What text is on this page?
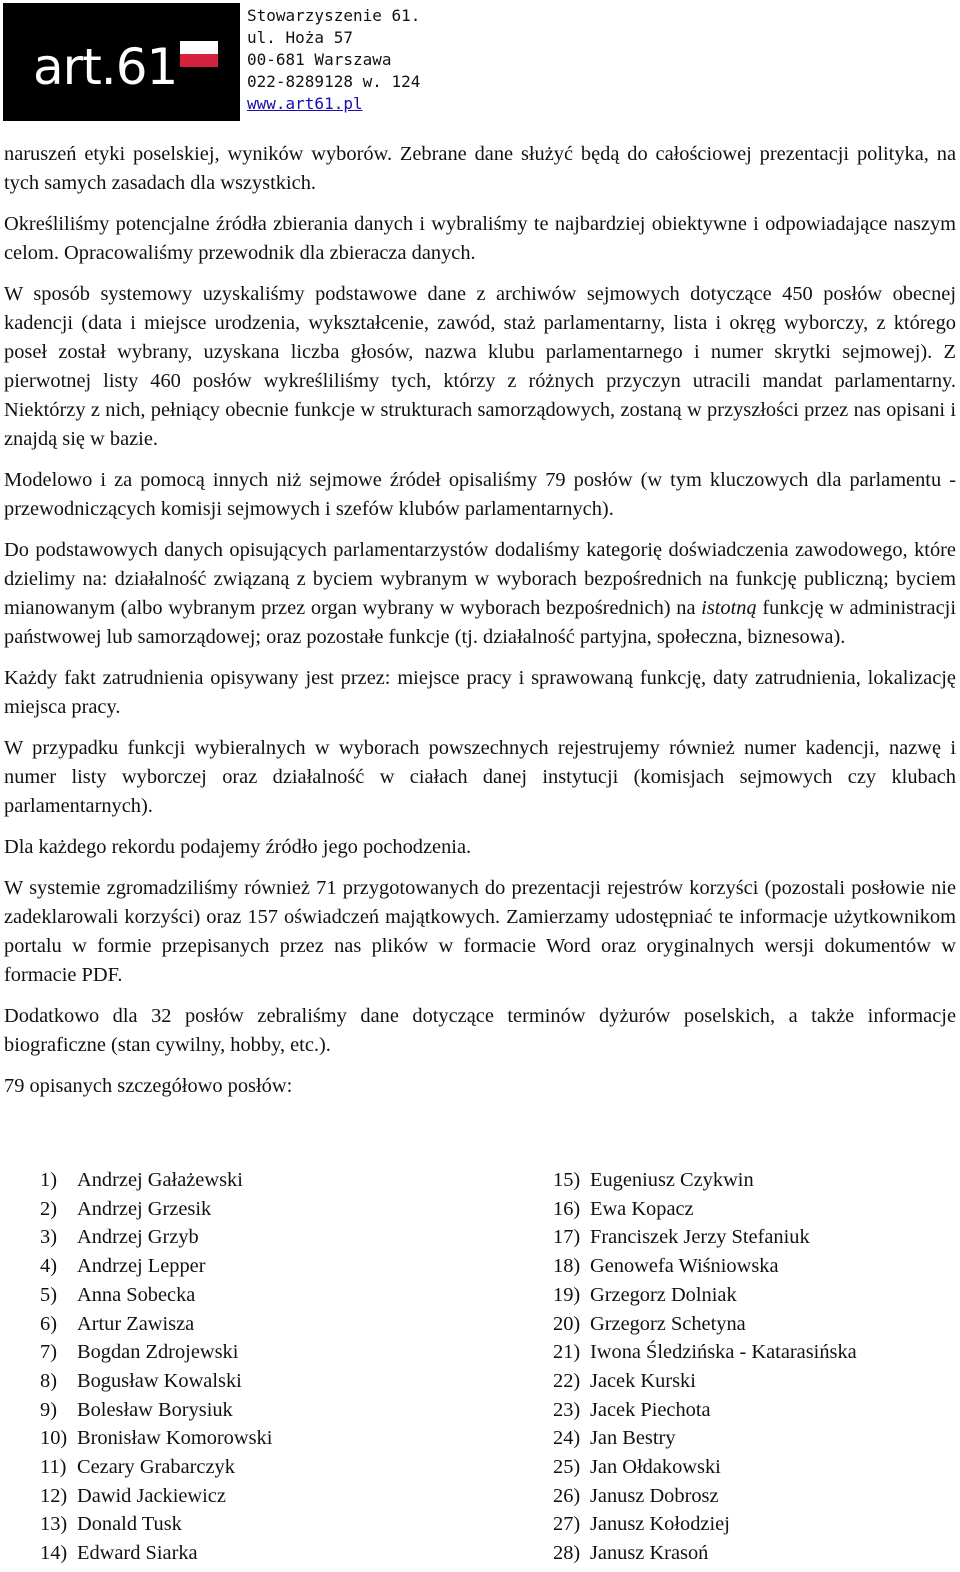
art.61
Stowarzyszenie 61.
ul. Hoża 57
00-681 Warszawa
022-8289128 w. 124
www.art61.pl

naruszeń etyki poselskiej, wyników wyborów. Zebrane dane służyć będą do całościowej prezentacji polityka, na tych samych zasadach dla wszystkich.

Określiliśmy potencjalne źródła zbierania danych i wybraliśmy te najbardziej obiektywne i odpowiadające naszym celom. Opracowaliśmy przewodnik dla zbieracza danych.

W sposób systemowy uzyskaliśmy podstawowe dane z archiwów sejmowych dotyczące 450 posłów obecnej kadencji (data i miejsce urodzenia, wykształcenie, zawód, staż parlamentarny, lista i okręg wyborczy, z którego poseł został wybrany, uzyskana liczba głosów, nazwa klubu parlamentarnego i numer skrytki sejmowej). Z pierwotnej listy 460 posłów wykreśliliśmy tych, którzy z różnych przyczyn utracili mandat parlamentarny. Niektórzy z nich, pełniący obecnie funkcje w strukturach samorządowych, zostaną w przyszłości przez nas opisani i znajdą się w bazie.

Modelowo i za pomocą innych niż sejmowe źródeł opisaliśmy 79 posłów (w tym kluczowych dla parlamentu - przewodniczących komisji sejmowych i szefów klubów parlamentarnych).

Do podstawowych danych opisujących parlamentarzystów dodaliśmy kategorię doświadczenia zawodowego, które dzielimy na: działalność związaną z byciem wybranym w wyborach bezpośrednich na funkcję publiczną; byciem mianowanym (albo wybranym przez organ wybrany w wyborach bezpośrednich) na istotną funkcję w administracji państwowej lub samorządowej; oraz pozostałe funkcje (tj. działalność partyjna, społeczna, biznesowa).

Każdy fakt zatrudnienia opisywany jest przez: miejsce pracy i sprawowaną funkcję, daty zatrudnienia, lokalizację miejsca pracy.

W przypadku funkcji wybieralnych w wyborach powszechnych rejestrujemy również numer kadencji, nazwę i numer listy wyborczej oraz działalność w ciałach danej instytucji (komisjach sejmowych czy klubach parlamentarnych).

Dla każdego rekordu podajemy źródło jego pochodzenia.

W systemie zgromadziliśmy również 71 przygotowanych do prezentacji rejestrów korzyści (pozostali posłowie nie zadeklarowali korzyści) oraz 157 oświadczeń majątkowych. Zamierzamy udostępniać te informacje użytkownikom portalu w formie przepisanych przez nas plików w formacie Word oraz oryginalnych wersji dokumentów w formacie PDF.

Dodatkowo dla 32 posłów zebraliśmy dane dotyczące terminów dyżurów poselskich, a także informacje biograficzne (stan cywilny, hobby, etc.).

79 opisanych szczegółowo posłów:

1) Andrzej Gałażewski
2) Andrzej Grzesik
3) Andrzej Grzyb
4) Andrzej Lepper
5) Anna Sobecka
6) Artur Zawisza
7) Bogdan Zdrojewski
8) Bogusław Kowalski
9) Bolesław Borysiuk
10) Bronisław Komorowski
11) Cezary Grabarczyk
12) Dawid Jackiewicz
13) Donald Tusk
14) Edward Siarka
15) Eugeniusz Czykwin
16) Ewa Kopacz
17) Franciszek Jerzy Stefaniuk
18) Genowefa Wiśniowska
19) Grzegorz Dolniak
20) Grzegorz Schetyna
21) Iwona Śledzińska - Katarasińska
22) Jacek Kurski
23) Jacek Piechota
24) Jan Bestry
25) Jan Ołdakowski
26) Janusz Dobrosz
27) Janusz Kołodziej
28) Janusz Krasoń
